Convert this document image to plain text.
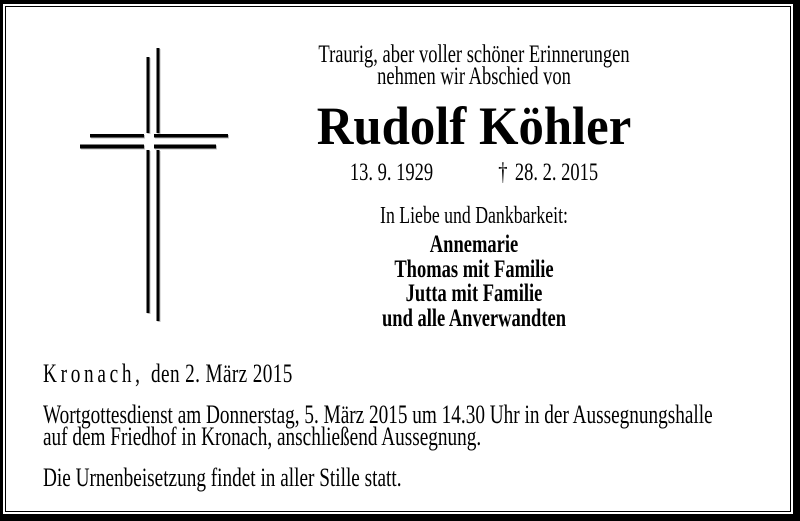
Traurig, aber voller schöner Erinnerungen
nehmen wir Abschied von
Rudolf Köhler
13. 9. 1929	† 28. 2. 2015
In Liebe und Dankbarkeit:
Annemarie
Thomas mit Familie
Jutta mit Familie
und alle Anverwandten
Kronach, den 2. März 2015
Wortgottesdienst am Donnerstag, 5. März 2015 um 14.30 Uhr in der Aussegnungshalle
auf dem Friedhof in Kronach, anschließend Aussegnung.
Die Urnenbeisetzung findet in aller Stille statt.
